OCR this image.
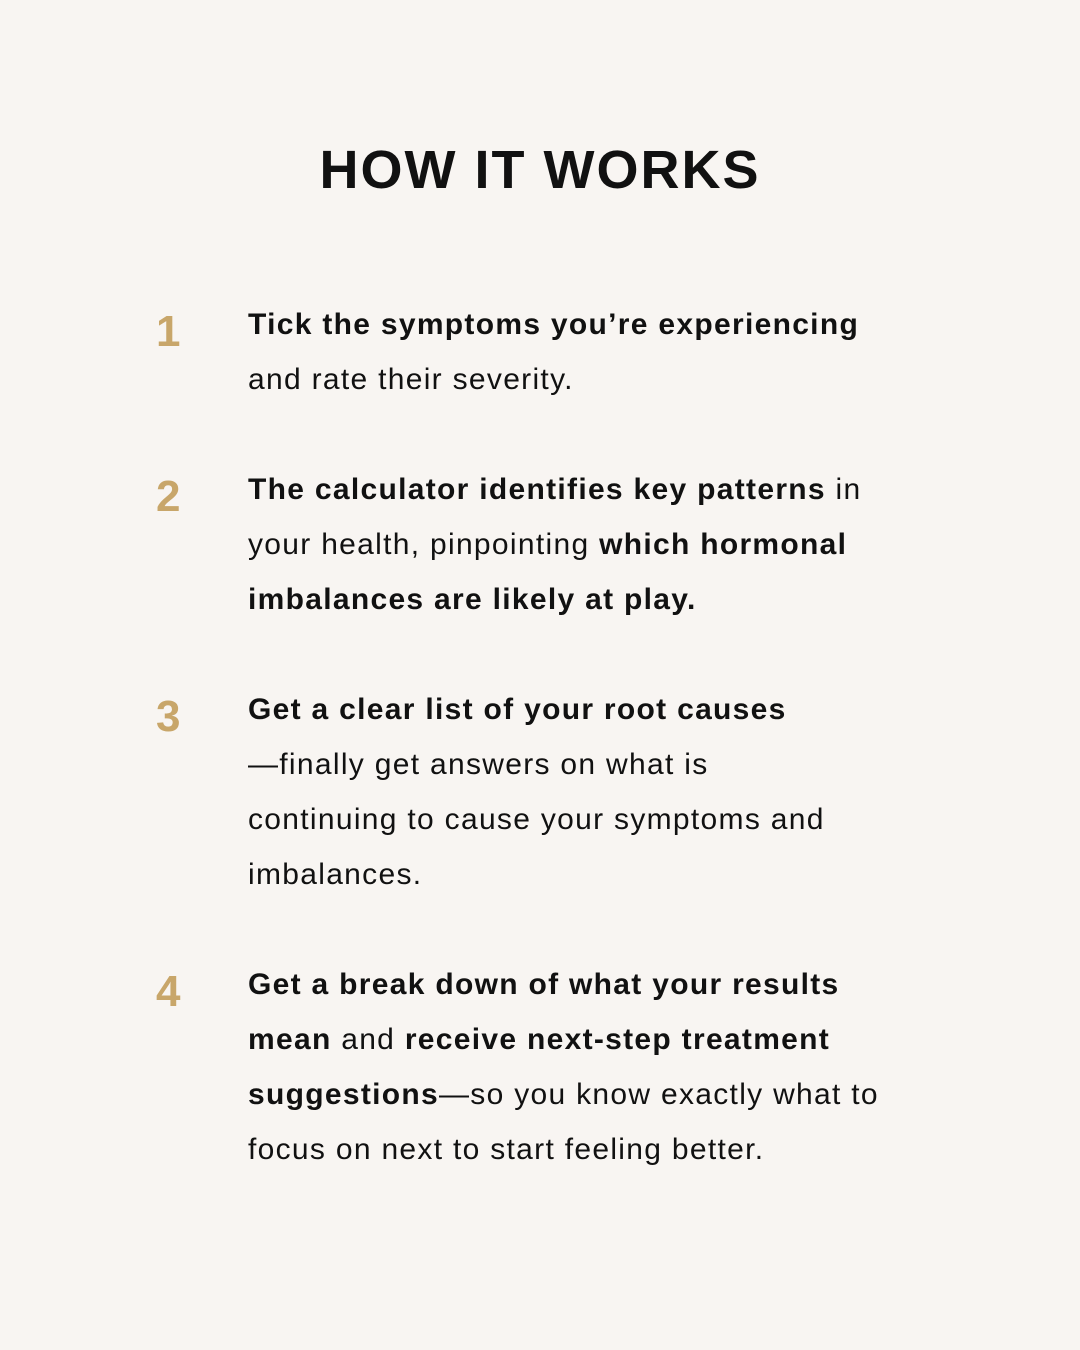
HOW IT WORKS
1 Tick the symptoms you’re experiencing
and rate their severity.
2 The calculator identifies key patterns in
your health, pinpointing which hormonal
imbalances are likely at play.
3 Get a clear list of your root causes
—finally get answers on what is
continuing to cause your symptoms and
imbalances.
4 Get a break down of what your results
mean and receive next-step treatment
suggestions—so you know exactly what to
focus on next to start feeling better.
